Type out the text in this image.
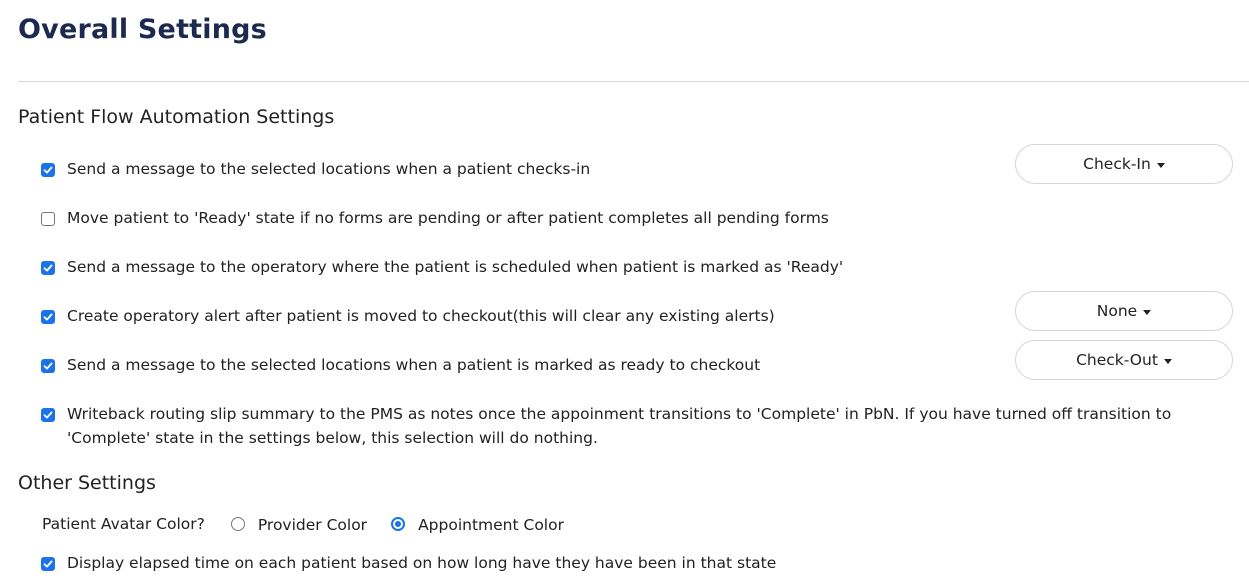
Overall Settings
Patient Flow Automation Settings
Send a message to the selected locations when a patient checks-in	Check-In
Move patient to 'Ready' state if no forms are pending or after patient completes all pending forms
Send a message to the operatory where the patient is scheduled when patient is marked as 'Ready'
Create operatory alert after patient is moved to checkout(this will clear any existing alerts)	None
Send a message to the selected locations when a patient is marked as ready to checkout	Check-Out
Writeback routing slip summary to the PMS as notes once the appoinment transitions to 'Complete' in PbN. If you have turned off transition to 'Complete' state in the settings below, this selection will do nothing.
Other Settings
Patient Avatar Color?	Provider Color	Appointment Color
Display elapsed time on each patient based on how long have they have been in that state
